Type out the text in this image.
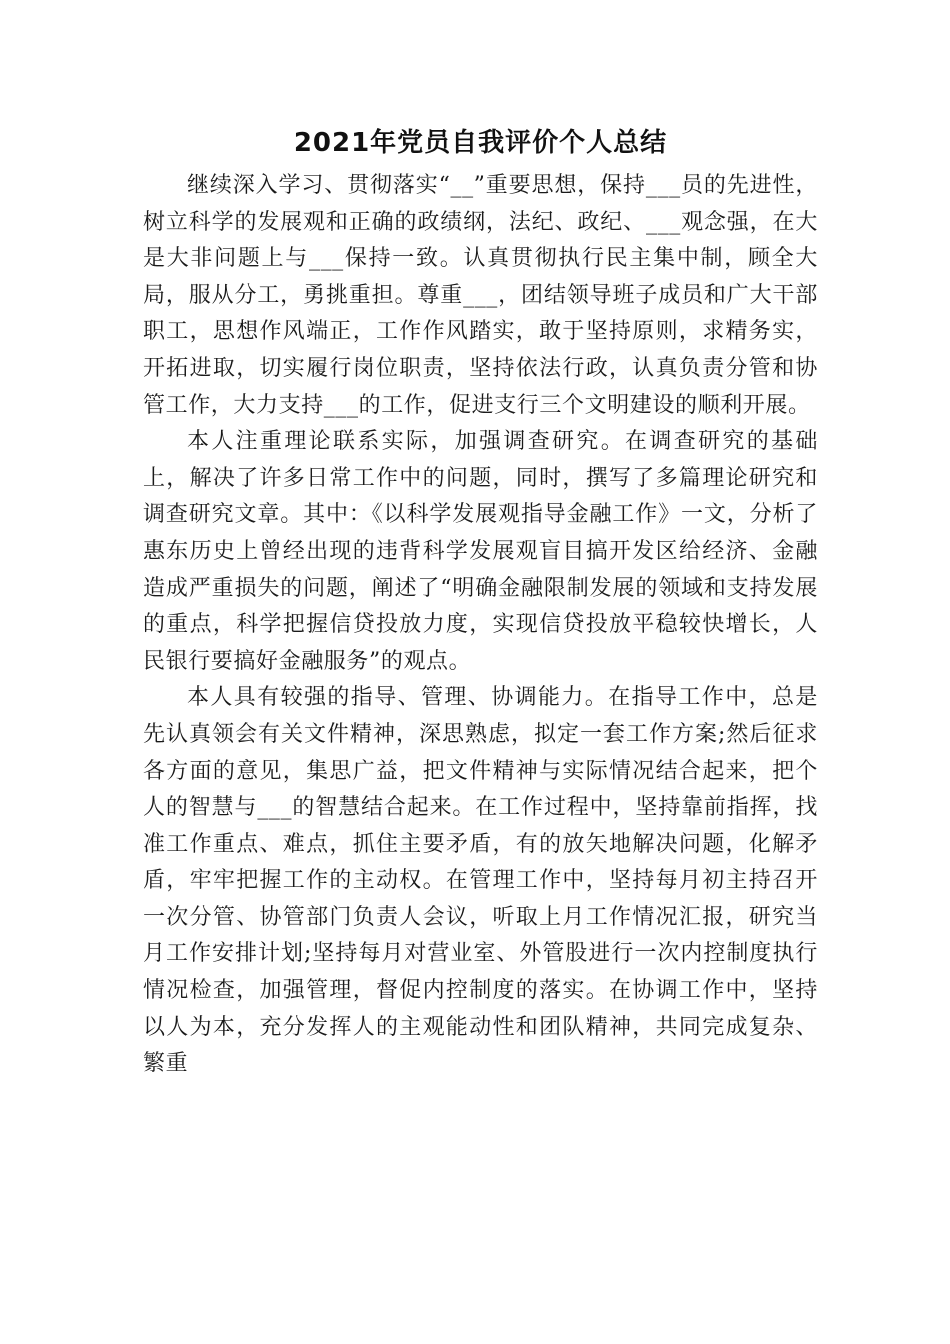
2021年党员自我评价个人总结

继续深入学习、贯彻落实“__”重要思想，保持___员的先进性，树立科学的发展观和正确的政绩纲，法纪、政纪、___观念强，在大是大非问题上与___保持一致。认真贯彻执行民主集中制，顾全大局，服从分工，勇挑重担。尊重___，团结领导班子成员和广大干部职工，思想作风端正，工作作风踏实，敢于坚持原则，求精务实，开拓进取，切实履行岗位职责，坚持依法行政，认真负责分管和协管工作，大力支持___的工作，促进支行三个文明建设的顺利开展。

本人注重理论联系实际，加强调查研究。在调查研究的基础上，解决了许多日常工作中的问题，同时，撰写了多篇理论研究和调查研究文章。其中：《以科学发展观指导金融工作》一文，分析了惠东历史上曾经出现的违背科学发展观盲目搞开发区给经济、金融造成严重损失的问题，阐述了“明确金融限制发展的领域和支持发展的重点，科学把握信贷投放力度，实现信贷投放平稳较快增长，人民银行要搞好金融服务”的观点。

本人具有较强的指导、管理、协调能力。在指导工作中，总是先认真领会有关文件精神，深思熟虑，拟定一套工作方案;然后征求各方面的意见，集思广益，把文件精神与实际情况结合起来，把个人的智慧与___的智慧结合起来。在工作过程中，坚持靠前指挥，找准工作重点、难点，抓住主要矛盾，有的放矢地解决问题，化解矛盾，牢牢把握工作的主动权。在管理工作中，坚持每月初主持召开一次分管、协管部门负责人会议，听取上月工作情况汇报，研究当月工作安排计划;坚持每月对营业室、外管股进行一次内控制度执行情况检查，加强管理，督促内控制度的落实。在协调工作中，坚持以人为本，充分发挥人的主观能动性和团队精神，共同完成复杂、繁重
